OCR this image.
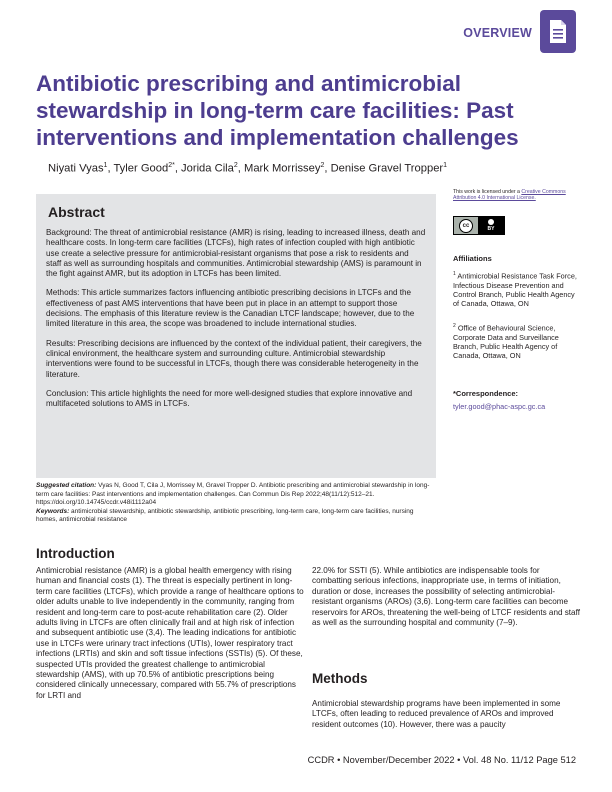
OVERVIEW
Antibiotic prescribing and antimicrobial stewardship in long-term care facilities: Past interventions and implementation challenges
Niyati Vyas$^1$, Tyler Good$^{2*}$, Jorida Cila$^2$, Mark Morrissey$^2$, Denise Gravel Tropper$^1$
Abstract

Background: The threat of antimicrobial resistance (AMR) is rising, leading to increased illness, death and healthcare costs. In long-term care facilities (LTCFs), high rates of infection coupled with high antibiotic use create a selective pressure for antimicrobial-resistant organisms that pose a risk to residents and staff as well as surrounding hospitals and communities. Antimicrobial stewardship (AMS) is paramount in the fight against AMR, but its adoption in LTCFs has been limited.

Methods: This article summarizes factors influencing antibiotic prescribing decisions in LTCFs and the effectiveness of past AMS interventions that have been put in place in an attempt to support those decisions. The emphasis of this literature review is the Canadian LTCF landscape; however, due to the limited literature in this area, the scope was broadened to include international studies.

Results: Prescribing decisions are influenced by the context of the individual patient, their caregivers, the clinical environment, the healthcare system and surrounding culture. Antimicrobial stewardship interventions were found to be successful in LTCFs, though there was considerable heterogeneity in the literature.

Conclusion: This article highlights the need for more well-designed studies that explore innovative and multifaceted solutions to AMS in LTCFs.

This work is licensed under a Creative Commons Attribution 4.0 International License.
cc
BY
Affiliations
$^1$ Antimicrobial Resistance Task Force, Infectious Disease Prevention and Control Branch, Public Health Agency of Canada, Ottawa, ON
$^2$ Office of Behavioural Science, Corporate Data and Surveillance Branch, Public Health Agency of Canada, Ottawa, ON
*Correspondence:
tyler.good@phac-aspc.gc.ca
Suggested citation: Vyas N, Good T, Cila J, Morrissey M, Gravel Tropper D. Antibiotic prescribing and antimicrobial stewardship in long-term care facilities: Past interventions and implementation challenges. Can Commun Dis Rep 2022;48(11/12):512–21. https://doi.org/10.14745/ccdr.v48i1112a04
Keywords: antimicrobial stewardship, antibiotic stewardship, antibiotic prescribing, long-term care, long-term care facilities, nursing homes, antimicrobial resistance
Introduction

Antimicrobial resistance (AMR) is a global health emergency with rising human and financial costs (1). The threat is especially pertinent in long-term care facilities (LTCFs), which provide a range of healthcare options to older adults unable to live independently in the community, ranging from resident and long-term care to post-acute rehabilitation care (2). Older adults living in LTCFs are often clinically frail and at high risk of infection and subsequent antibiotic use (3,4). The leading indications for antibiotic use in LTCFs were urinary tract infections (UTIs), lower respiratory tract infections (LRTIs) and skin and soft tissue infections (SSTIs) (5). Of these, suspected UTIs provided the greatest challenge to antimicrobial stewardship (AMS), with up 70.5% of antibiotic prescriptions being considered clinically unnecessary, compared with 55.7% of prescriptions for LRTI and

22.0% for SSTI (5). While antibiotics are indispensable tools for combatting serious infections, inappropriate use, in terms of initiation, duration or dose, increases the possibility of selecting antimicrobial-resistant organisms (AROs) (3,6). Long-term care facilities can become reservoirs for AROs, threatening the well-being of LTCF residents and staff as well as the surrounding hospital and community (7–9).

Methods

Antimicrobial stewardship programs have been implemented in some LTCFs, often leading to reduced prevalence of AROs and improved resident outcomes (10). However, there was a paucity

CCDR • November/December 2022 • Vol. 48 No. 11/12 Page 512
